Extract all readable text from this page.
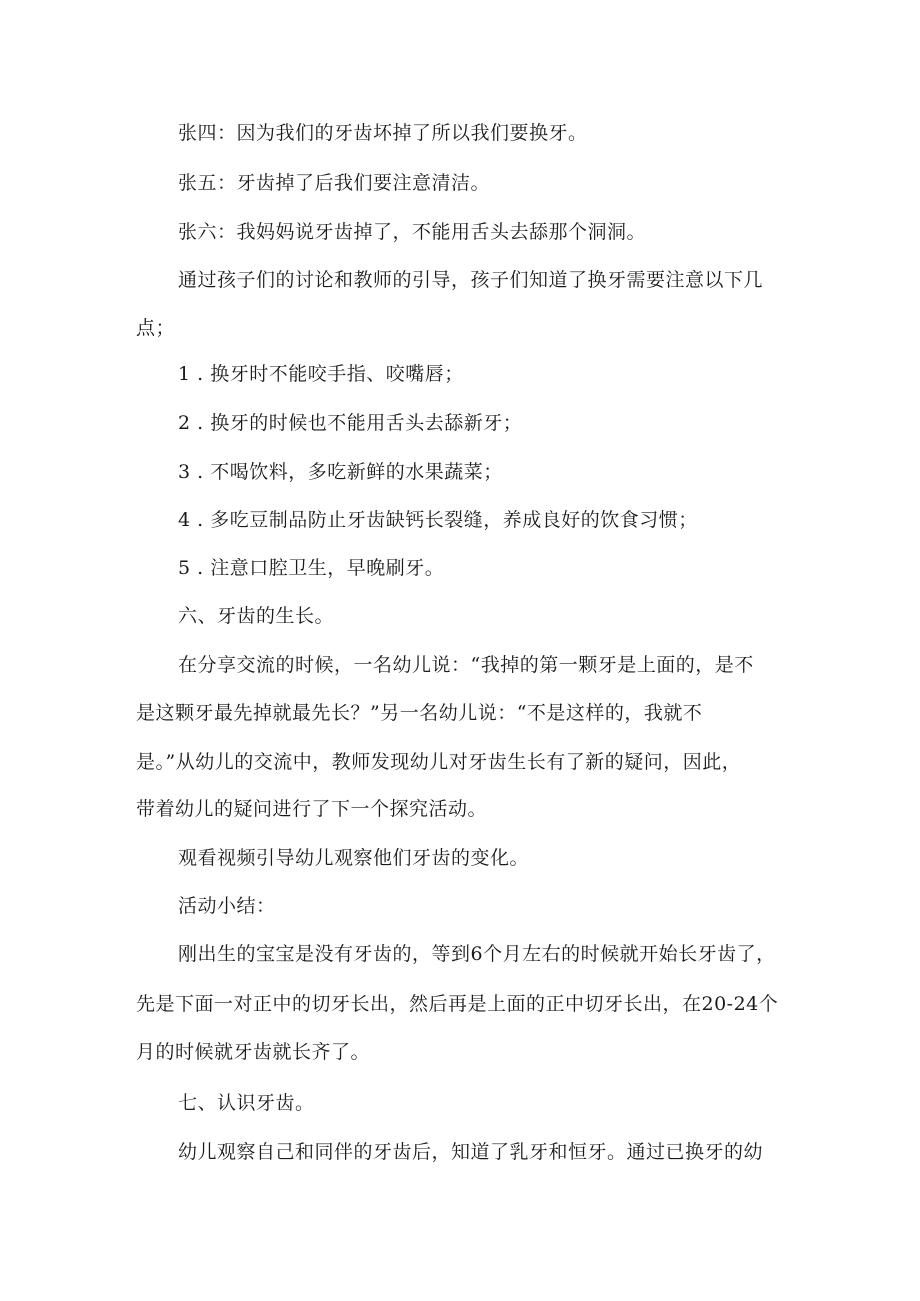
张四：因为我们的牙齿坏掉了所以我们要换牙。
张五：牙齿掉了后我们要注意清洁。
张六：我妈妈说牙齿掉了，不能用舌头去舔那个洞洞。
通过孩子们的讨论和教师的引导，孩子们知道了换牙需要注意以下几
点；
1 . 换牙时不能咬手指、咬嘴唇；
2 . 换牙的时候也不能用舌头去舔新牙；
3 . 不喝饮料，多吃新鲜的水果蔬菜；
4 . 多吃豆制品防止牙齿缺钙长裂缝，养成良好的饮食习惯；
5 . 注意口腔卫生，早晚刷牙。
六、牙齿的生长。
在分享交流的时候，一名幼儿说：“我掉的第一颗牙是上面的，是不
是这颗牙最先掉就最先长？”另一名幼儿说：“不是这样的，我就不
是。”从幼儿的交流中，教师发现幼儿对牙齿生长有了新的疑问，因此，
带着幼儿的疑问进行了下一个探究活动。
观看视频引导幼儿观察他们牙齿的变化。
活动小结：
刚出生的宝宝是没有牙齿的，等到6个月左右的时候就开始长牙齿了，
先是下面一对正中的切牙长出，然后再是上面的正中切牙长出，在20-24个
月的时候就牙齿就长齐了。
七、认识牙齿。
幼儿观察自己和同伴的牙齿后，知道了乳牙和恒牙。通过已换牙的幼
